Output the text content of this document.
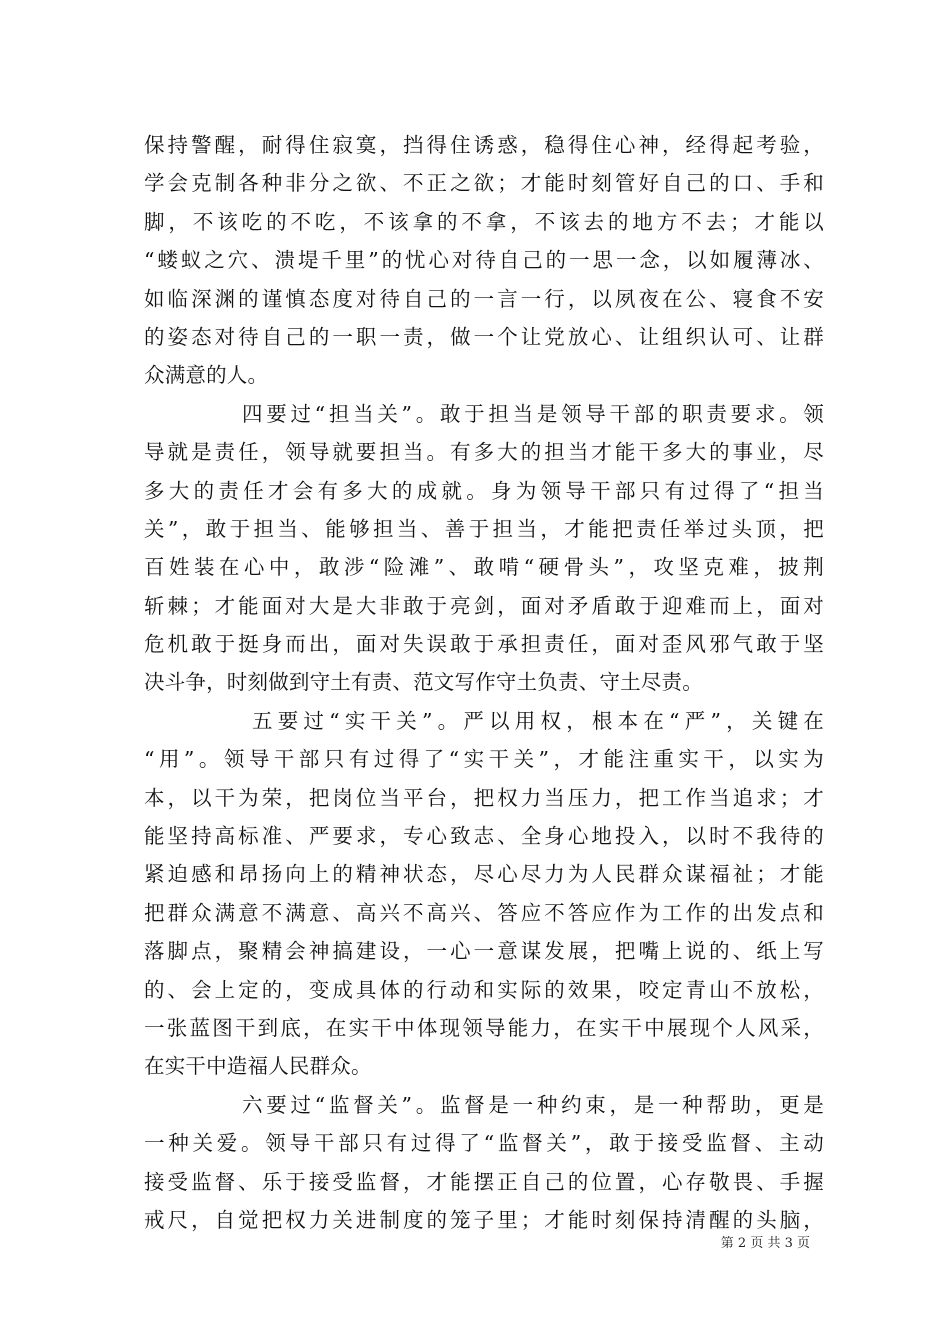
保持警醒，耐得住寂寞，挡得住诱惑，稳得住心神，经得起考验，
学会克制各种非分之欲、不正之欲；才能时刻管好自己的口、手和
脚，不该吃的不吃，不该拿的不拿，不该去的地方不去；才能以
“蝼蚁之穴、溃堤千里”的忧心对待自己的一思一念，以如履薄冰、
如临深渊的谨慎态度对待自己的一言一行，以夙夜在公、寝食不安
的姿态对待自己的一职一责，做一个让党放心、让组织认可、让群
众满意的人。
四要过“担当关”。敢于担当是领导干部的职责要求。领
导就是责任，领导就要担当。有多大的担当才能干多大的事业，尽
多大的责任才会有多大的成就。身为领导干部只有过得了“担当
关”，敢于担当、能够担当、善于担当，才能把责任举过头顶，把
百姓装在心中，敢涉“险滩”、敢啃“硬骨头”，攻坚克难，披荆
斩棘；才能面对大是大非敢于亮剑，面对矛盾敢于迎难而上，面对
危机敢于挺身而出，面对失误敢于承担责任，面对歪风邪气敢于坚
决斗争，时刻做到守土有责、范文写作守土负责、守土尽责。
五要过“实干关”。严以用权，根本在“严”，关键在
“用”。领导干部只有过得了“实干关”，才能注重实干，以实为
本，以干为荣，把岗位当平台，把权力当压力，把工作当追求；才
能坚持高标准、严要求，专心致志、全身心地投入，以时不我待的
紧迫感和昂扬向上的精神状态，尽心尽力为人民群众谋福祉；才能
把群众满意不满意、高兴不高兴、答应不答应作为工作的出发点和
落脚点，聚精会神搞建设，一心一意谋发展，把嘴上说的、纸上写
的、会上定的，变成具体的行动和实际的效果，咬定青山不放松，
一张蓝图干到底，在实干中体现领导能力，在实干中展现个人风采，
在实干中造福人民群众。
六要过“监督关”。监督是一种约束，是一种帮助，更是
一种关爱。领导干部只有过得了“监督关”，敢于接受监督、主动
接受监督、乐于接受监督，才能摆正自己的位置，心存敬畏、手握
戒尺，自觉把权力关进制度的笼子里；才能时刻保持清醒的头脑，
第 2 页 共 3 页
